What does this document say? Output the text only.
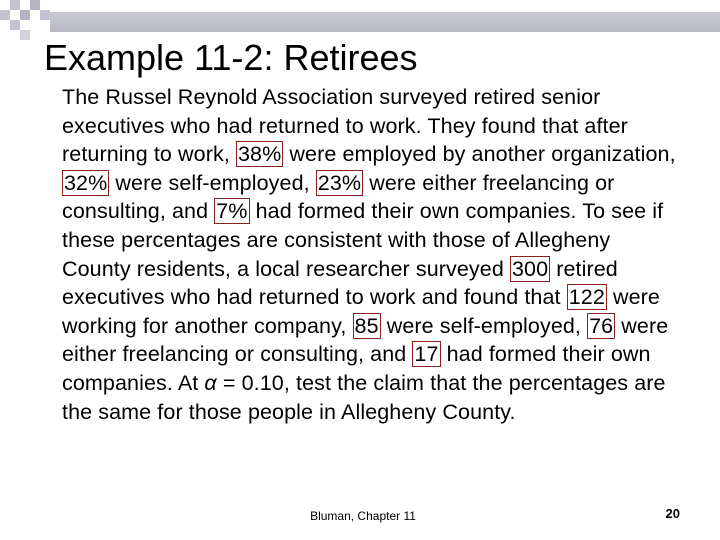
Example 11-2: Retirees
The Russel Reynold Association surveyed retired senior executives who had returned to work. They found that after returning to work, 38% were employed by another organization, 32% were self-employed, 23% were either freelancing or consulting, and 7% had formed their own companies. To see if these percentages are consistent with those of Allegheny County residents, a local researcher surveyed 300 retired executives who had returned to work and found that 122 were working for another company, 85 were self-employed, 76 were either freelancing or consulting, and 17 had formed their own companies. At α = 0.10, test the claim that the percentages are the same for those people in Allegheny County.
Bluman, Chapter 11	20
